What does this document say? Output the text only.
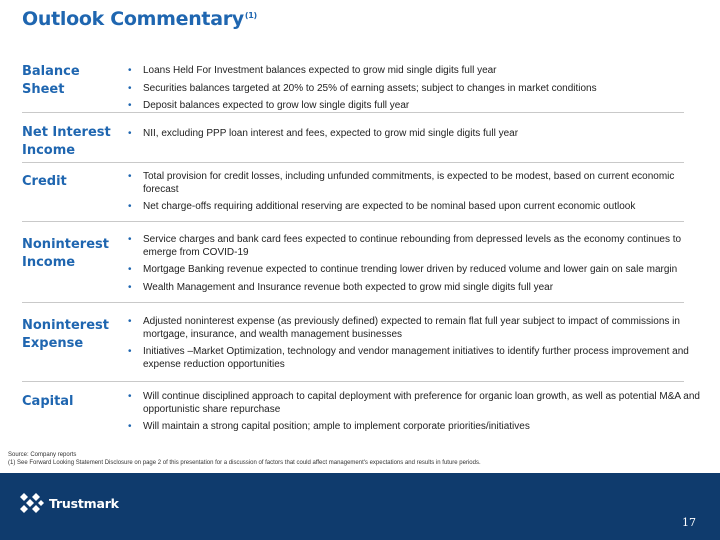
Outlook Commentary$^{(1)}$
Balance
Sheet
• Loans Held For Investment balances expected to grow mid single digits full year
• Securities balances targeted at 20% to 25% of earning assets; subject to changes in market conditions
• Deposit balances expected to grow low single digits full year
Net Interest
Income
• NII, excluding PPP loan interest and fees, expected to grow mid single digits full year
Credit	• Total provision for credit losses, including unfunded commitments, is expected to be modest, based on current economic forecast
• Net charge-offs requiring additional reserving are expected to be nominal based upon current economic outlook
Noninterest
Income
• Service charges and bank card fees expected to continue rebounding from depressed levels as the economy continues to emerge from COVID-19
• Mortgage Banking revenue expected to continue trending lower driven by reduced volume and lower gain on sale margin
• Wealth Management and Insurance revenue both expected to grow mid single digits full year
Noninterest
Expense
• Adjusted noninterest expense (as previously defined) expected to remain flat full year subject to impact of commissions in mortgage, insurance, and wealth management businesses
• Initiatives –Market Optimization, technology and vendor management initiatives to identify further process improvement and expense reduction opportunities
Capital	• Will continue disciplined approach to capital deployment with preference for organic loan growth, as well as potential M&A and opportunistic share repurchase
• Will maintain a strong capital position; ample to implement corporate priorities/initiatives
Source: Company reports
(1) See Forward Looking Statement Disclosure on page 2 of this presentation for a discussion of factors that could affect management's expectations and results in future periods.
Trustmark
17
